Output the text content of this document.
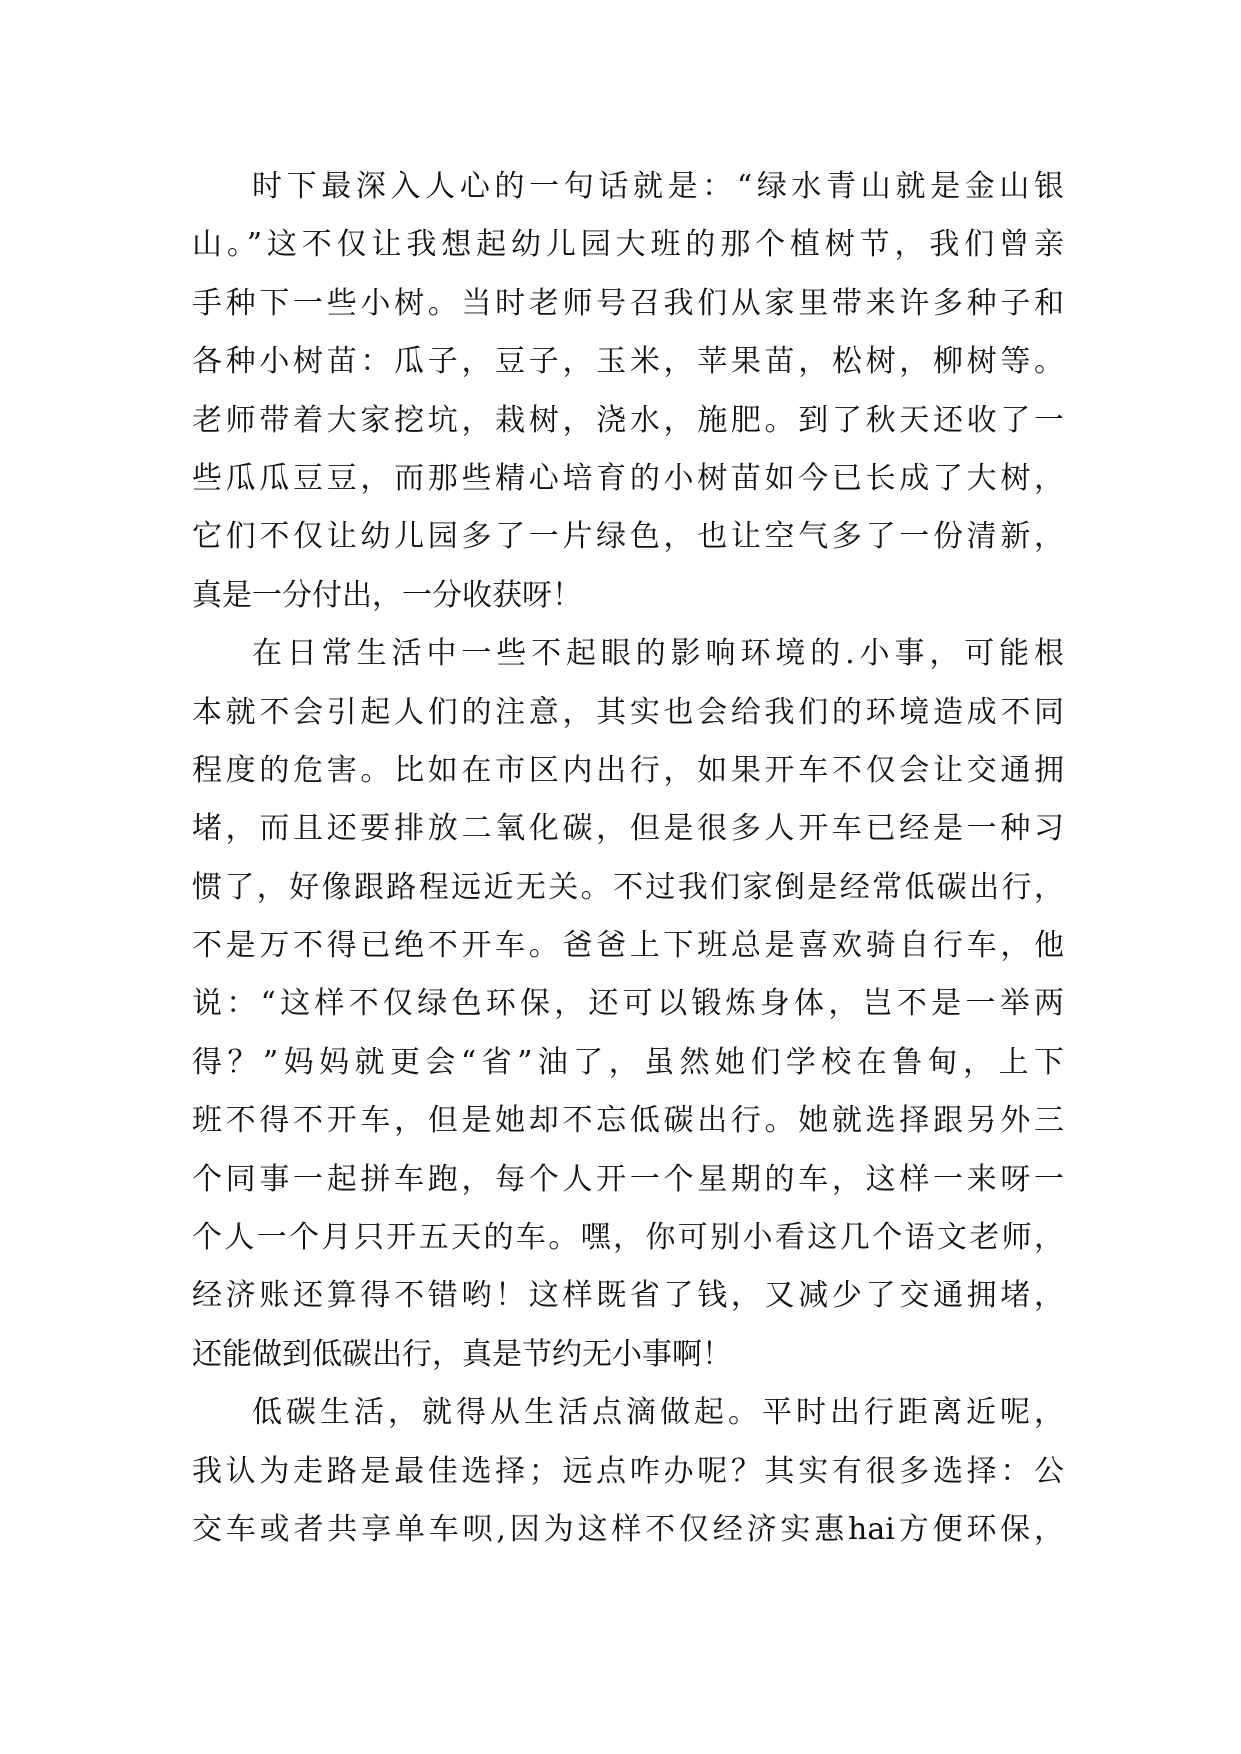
时下最深入人心的一句话就是：“绿水青山就是金山银
山。”这不仅让我想起幼儿园大班的那个植树节，我们曾亲
手种下一些小树。当时老师号召我们从家里带来许多种子和
各种小树苗：瓜子，豆子，玉米，苹果苗，松树，柳树等。
老师带着大家挖坑，栽树，浇水，施肥。到了秋天还收了一
些瓜瓜豆豆，而那些精心培育的小树苗如今已长成了大树，
它们不仅让幼儿园多了一片绿色，也让空气多了一份清新，
真是一分付出，一分收获呀！
在日常生活中一些不起眼的影响环境的.小事，可能根
本就不会引起人们的注意，其实也会给我们的环境造成不同
程度的危害。比如在市区内出行，如果开车不仅会让交通拥
堵，而且还要排放二氧化碳，但是很多人开车已经是一种习
惯了，好像跟路程远近无关。不过我们家倒是经常低碳出行，
不是万不得已绝不开车。爸爸上下班总是喜欢骑自行车，他
说：“这样不仅绿色环保，还可以锻炼身体，岂不是一举两
得？”妈妈就更会“省”油了，虽然她们学校在鲁甸，上下
班不得不开车，但是她却不忘低碳出行。她就选择跟另外三
个同事一起拼车跑，每个人开一个星期的车，这样一来呀一
个人一个月只开五天的车。嘿，你可别小看这几个语文老师，
经济账还算得不错哟！这样既省了钱，又减少了交通拥堵，
还能做到低碳出行，真是节约无小事啊！
低碳生活，就得从生活点滴做起。平时出行距离近呢，
我认为走路是最佳选择；远点咋办呢？其实有很多选择：公
交车或者共享单车呗,因为这样不仅经济实惠hai方便环保，
